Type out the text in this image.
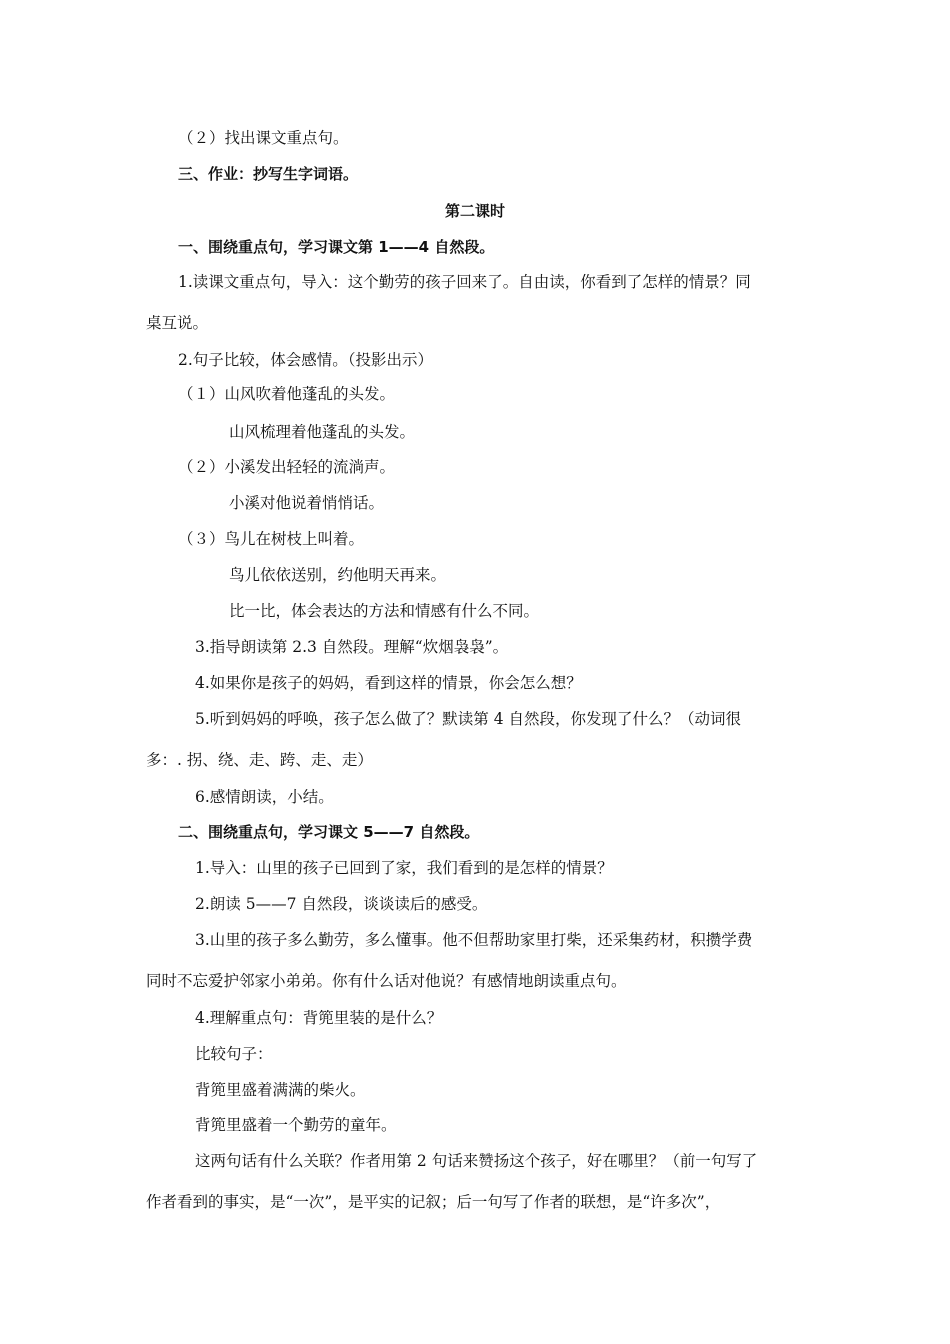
（２）找出课文重点句。
三、作业：抄写生字词语。
第二课时
一、围绕重点句，学习课文第 1——4 自然段。
1.读课文重点句，导入：这个勤劳的孩子回来了。自由读，你看到了怎样的情景？同
桌互说。
2.句子比较，体会感情。（投影出示）
（１）山风吹着他蓬乱的头发。
山风梳理着他蓬乱的头发。
（２）小溪发出轻轻的流淌声。
小溪对他说着悄悄话。
（３）鸟儿在树枝上叫着。
鸟儿依依送别，约他明天再来。
比一比，体会表达的方法和情感有什么不同。
3.指导朗读第 2.3 自然段。理解“炊烟袅袅”。
4.如果你是孩子的妈妈，看到这样的情景，你会怎么想？
5.听到妈妈的呼唤，孩子怎么做了？默读第 4 自然段，你发现了什么？（动词很
多：. 拐、绕、走、跨、走、走）
6.感情朗读，小结。
二、围绕重点句，学习课文 5——7 自然段。
1.导入：山里的孩子已回到了家，我们看到的是怎样的情景？
2.朗读 5——7 自然段，谈谈读后的感受。
3.山里的孩子多么勤劳，多么懂事。他不但帮助家里打柴，还采集药材，积攒学费
同时不忘爱护邻家小弟弟。你有什么话对他说？有感情地朗读重点句。
4.理解重点句：背篼里装的是什么？
比较句子：
背篼里盛着满满的柴火。
背篼里盛着一个勤劳的童年。
这两句话有什么关联？作者用第 2 句话来赞扬这个孩子，好在哪里？（前一句写了
作者看到的事实，是“一次”，是平实的记叙；后一句写了作者的联想，是“许多次”，
